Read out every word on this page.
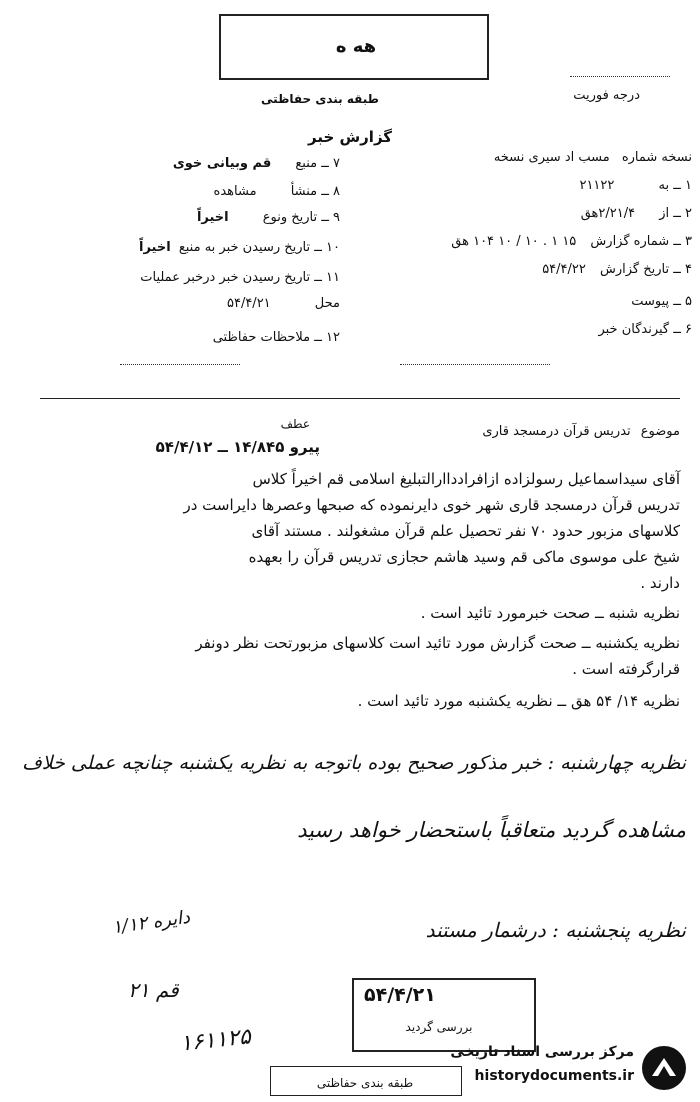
هه ه
طبقه بندی حفاظتی	درجه فوریت
گزارش خبر
نسخه شماره مسب اد سیری نسخه
۱ ــ به ۲۱۱۲۲
۲ ــ از ۲/۲۱/۴هق
۳ ــ شماره گزارش ۱۵ ۱ . ۱۰ / ۱۰ ۱۰۴ هق
۴ ــ تاریخ گزارش ۵۴/۴/۲۲
۵ ــ پیوست
۶ ــ گیرندگان خبر
۷ ــ منبع قم وبیانی خوی
۸ ــ منشأ مشاهده
۹ ــ تاریخ ونوع اخیراً
۱۰ ــ تاریخ رسیدن خبر به منبع اخیراً
۱۱ ــ تاریخ رسیدن خبر درخبر عملیات
محل ۵۴/۴/۲۱
۱۲ ــ ملاحظات حفاظتی
موضوع تدریس قرآن درمسجد قاری
عطف
پیرو ۱۴/۸۴۵ ــ ۵۴/۴/۱۲
آقای سیداسماعیل رسولزاده ازافرادداارالتبلیغ اسلامی قم اخیراً کلاس
تدریس قرآن درمسجد قاری شهر خوی دایرنموده که صبحها وعصرها دایراست در
کلاسهای مزبور حدود ۷۰ نفر تحصیل علم قرآن مشغولند . مستند آقای
شیخ علی موسوی ماکی قم وسید هاشم حجازی تدریس قرآن را بعهده
دارند .
نظریه شنبه ــ صحت خبرمورد تائید است .
نظریه یکشنبه ــ صحت گزارش مورد تائید است کلاسهای مزبورتحت نظر دونفر
قرارگرفته است .
نظریه ۱۴/ ۵۴ هق ــ نظریه یکشنبه مورد تائید است .
نظریه چهارشنبه : خبر مذکور صحیح بوده باتوجه به نظریه یکشنبه چنانچه عملی خلاف
مشاهده گردید متعاقباً باستحضار خواهد رسید
نظریه پنجشنبه : درشمار مستند
دایره ۱/۱۲
۲۱ قم
۱۶۱۱۲۵
۵۴/۴/۲۱
بررسی گردید
طبقه بندی حفاظتی
مرکز بررسی اسناد تاریخی
historydocuments.ir
